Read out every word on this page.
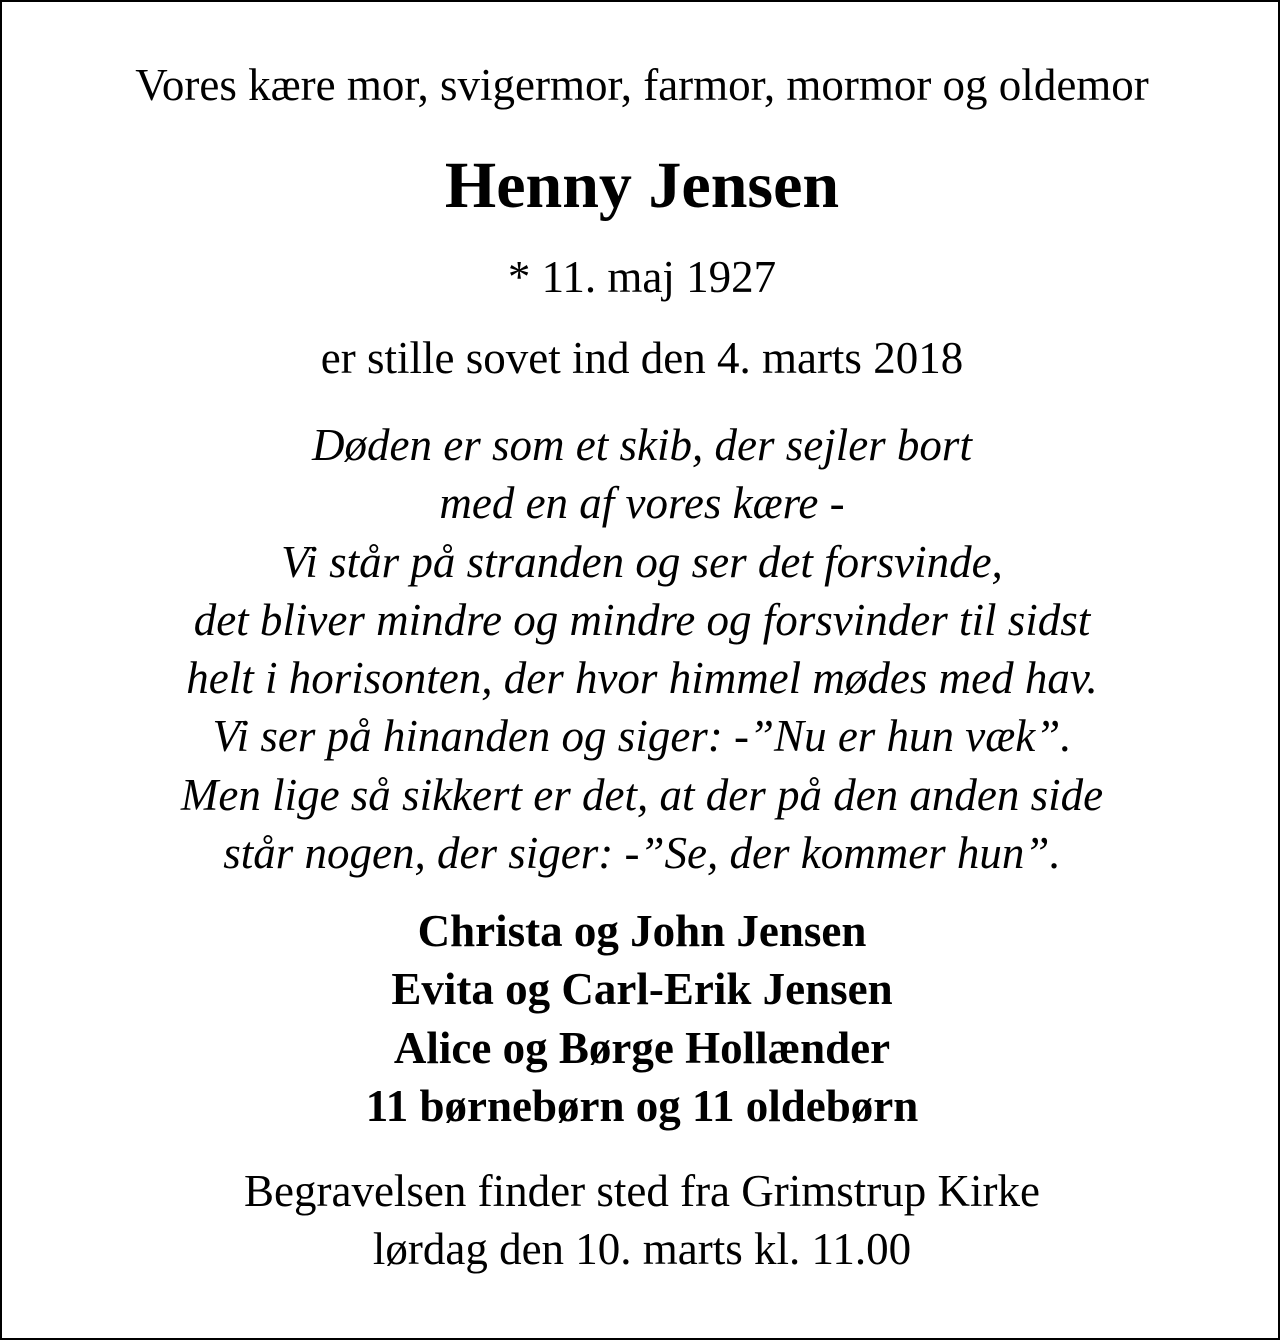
Vores kære mor, svigermor, farmor, mormor og oldemor
Henny Jensen
* 11. maj 1927
er stille sovet ind den 4. marts 2018
Døden er som et skib, der sejler bort
med en af vores kære -
Vi står på stranden og ser det forsvinde,
det bliver mindre og mindre og forsvinder til sidst
helt i horisonten, der hvor himmel mødes med hav.
Vi ser på hinanden og siger: -”Nu er hun væk”.
Men lige så sikkert er det, at der på den anden side
står nogen, der siger: -”Se, der kommer hun”.
Christa og John Jensen
Evita og Carl-Erik Jensen
Alice og Børge Hollænder
11 børnebørn og 11 oldebørn
Begravelsen finder sted fra Grimstrup Kirke
lørdag den 10. marts kl. 11.00
